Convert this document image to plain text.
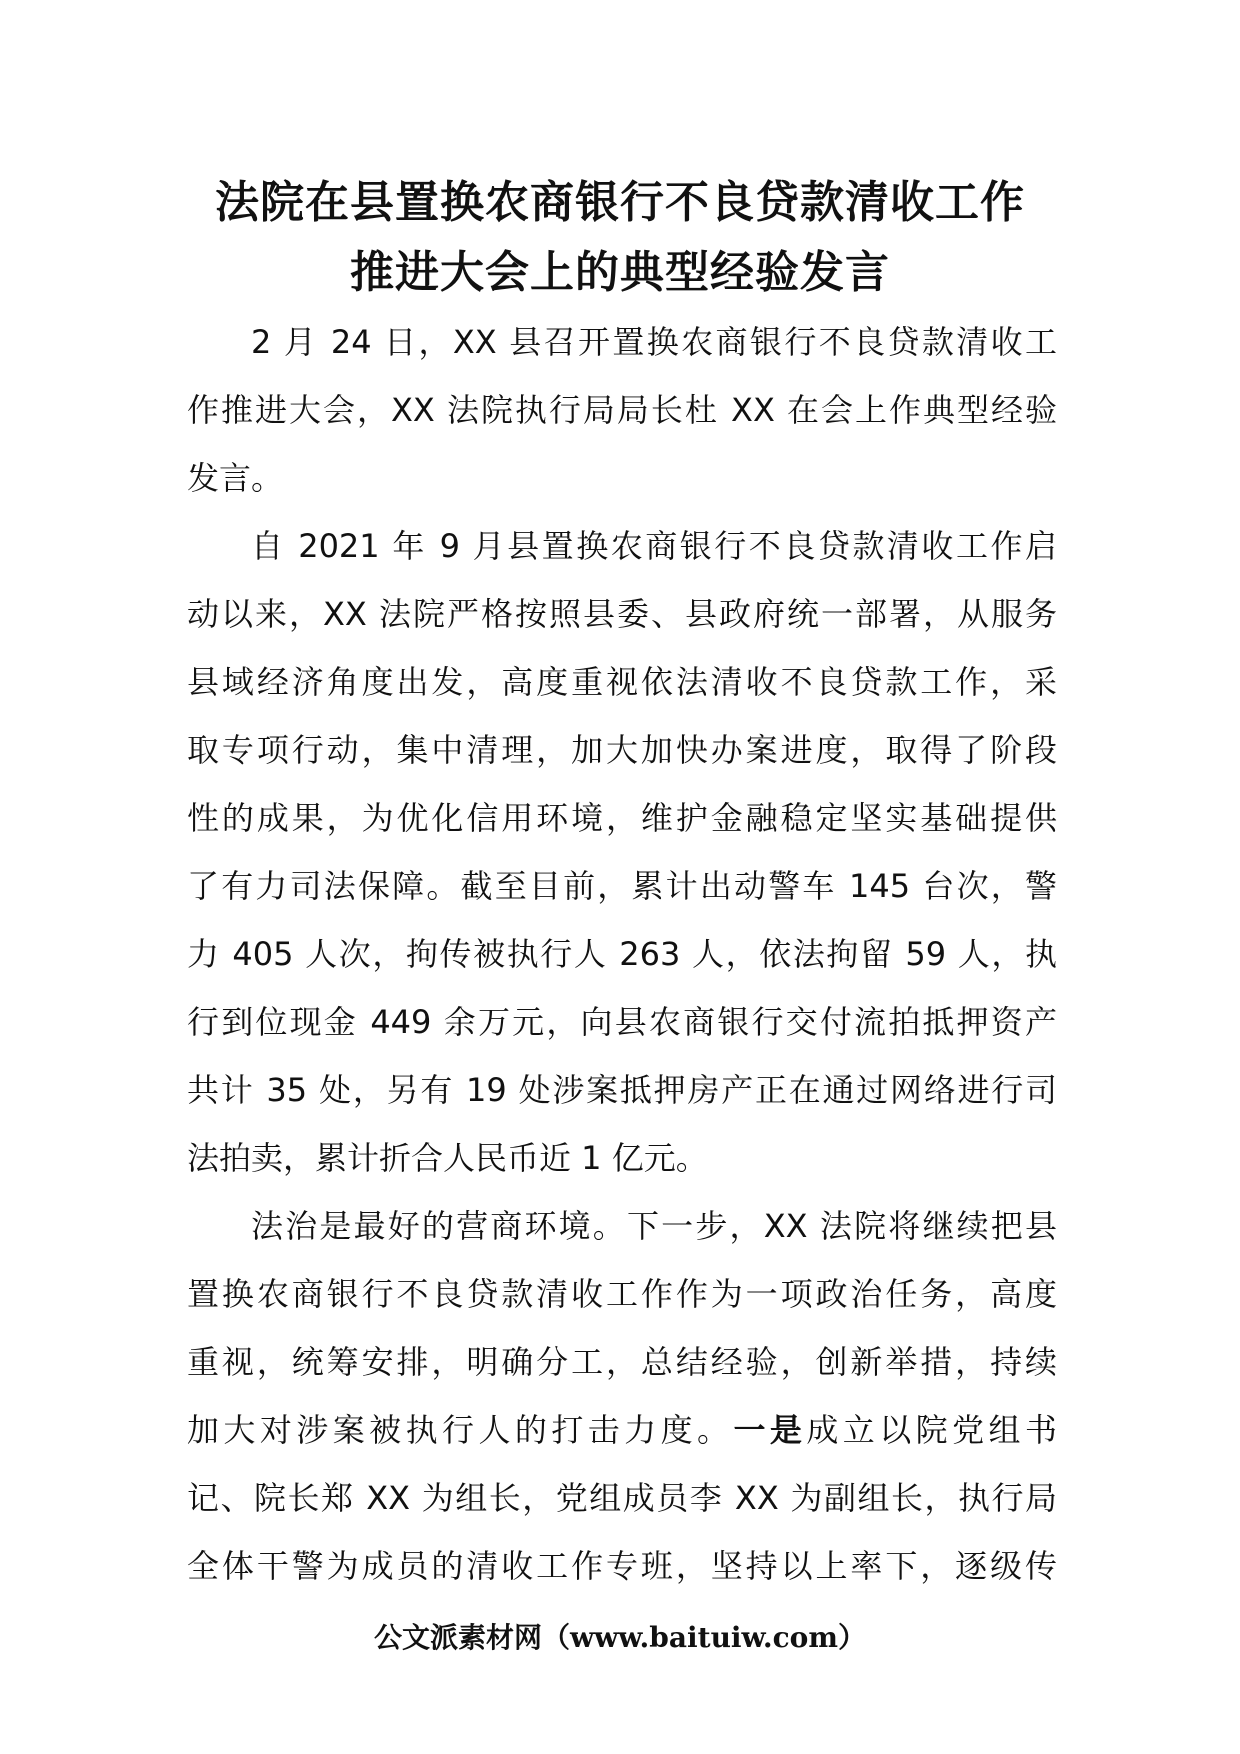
法院在县置换农商银行不良贷款清收工作
推进大会上的典型经验发言

2 月 24 日，XX 县召开置换农商银行不良贷款清收工
作推进大会，XX 法院执行局局长杜 XX 在会上作典型经验
发言。

自 2021 年 9 月县置换农商银行不良贷款清收工作启
动以来，XX 法院严格按照县委、县政府统一部署，从服务
县域经济角度出发，高度重视依法清收不良贷款工作，采
取专项行动，集中清理，加大加快办案进度，取得了阶段
性的成果，为优化信用环境，维护金融稳定坚实基础提供
了有力司法保障。截至目前，累计出动警车 145 台次，警
力 405 人次，拘传被执行人 263 人，依法拘留 59 人，执
行到位现金 449 余万元，向县农商银行交付流拍抵押资产
共计 35 处，另有 19 处涉案抵押房产正在通过网络进行司
法拍卖，累计折合人民币近 1 亿元。

法治是最好的营商环境。下一步，XX 法院将继续把县
置换农商银行不良贷款清收工作作为一项政治任务，高度
重视，统筹安排，明确分工，总结经验，创新举措，持续
加大对涉案被执行人的打击力度。一是成立以院党组书
记、院长郑 XX 为组长，党组成员李 XX 为副组长，执行局
全体干警为成员的清收工作专班，坚持以上率下，逐级传

公文派素材网（www.baituiw.com）
